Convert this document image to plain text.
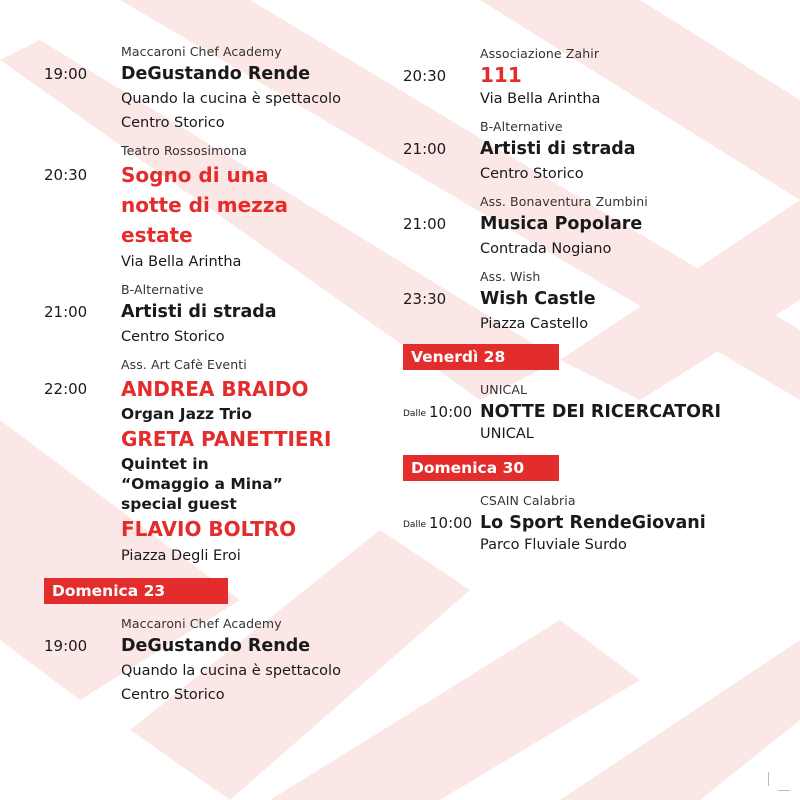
Maccaroni Chef Academy
19:00	DeGustando Rende
Quando la cucina è spettacolo
Centro Storico
Teatro Rossosimona
20:30	Sogno di una
notte di mezza
estate
Via Bella Arintha
B-Alternative
21:00	Artisti di strada
Centro Storico
Ass. Art Cafè Eventi
22:00	ANDREA BRAIDO
Organ Jazz Trio
GRETA PANETTIERI
Quintet in
“Omaggio a Mina”
special guest
FLAVIO BOLTRO
Piazza Degli Eroi
Domenica 23
Maccaroni Chef Academy
19:00	DeGustando Rende
Quando la cucina è spettacolo
Centro Storico
Associazione Zahir
20:30	111
Via Bella Arintha
B-Alternative
21:00	Artisti di strada
Centro Storico
Ass. Bonaventura Zumbini
21:00	Musica Popolare
Contrada Nogiano
Ass. Wish
23:30	Wish Castle
Piazza Castello
Venerdì 28
UNICAL
Dalle 10:00 NOTTE DEI RICERCATORI
UNICAL
Domenica 30
CSAIN Calabria
Dalle 10:00 Lo Sport RendeGiovani
Parco Fluviale Surdo
